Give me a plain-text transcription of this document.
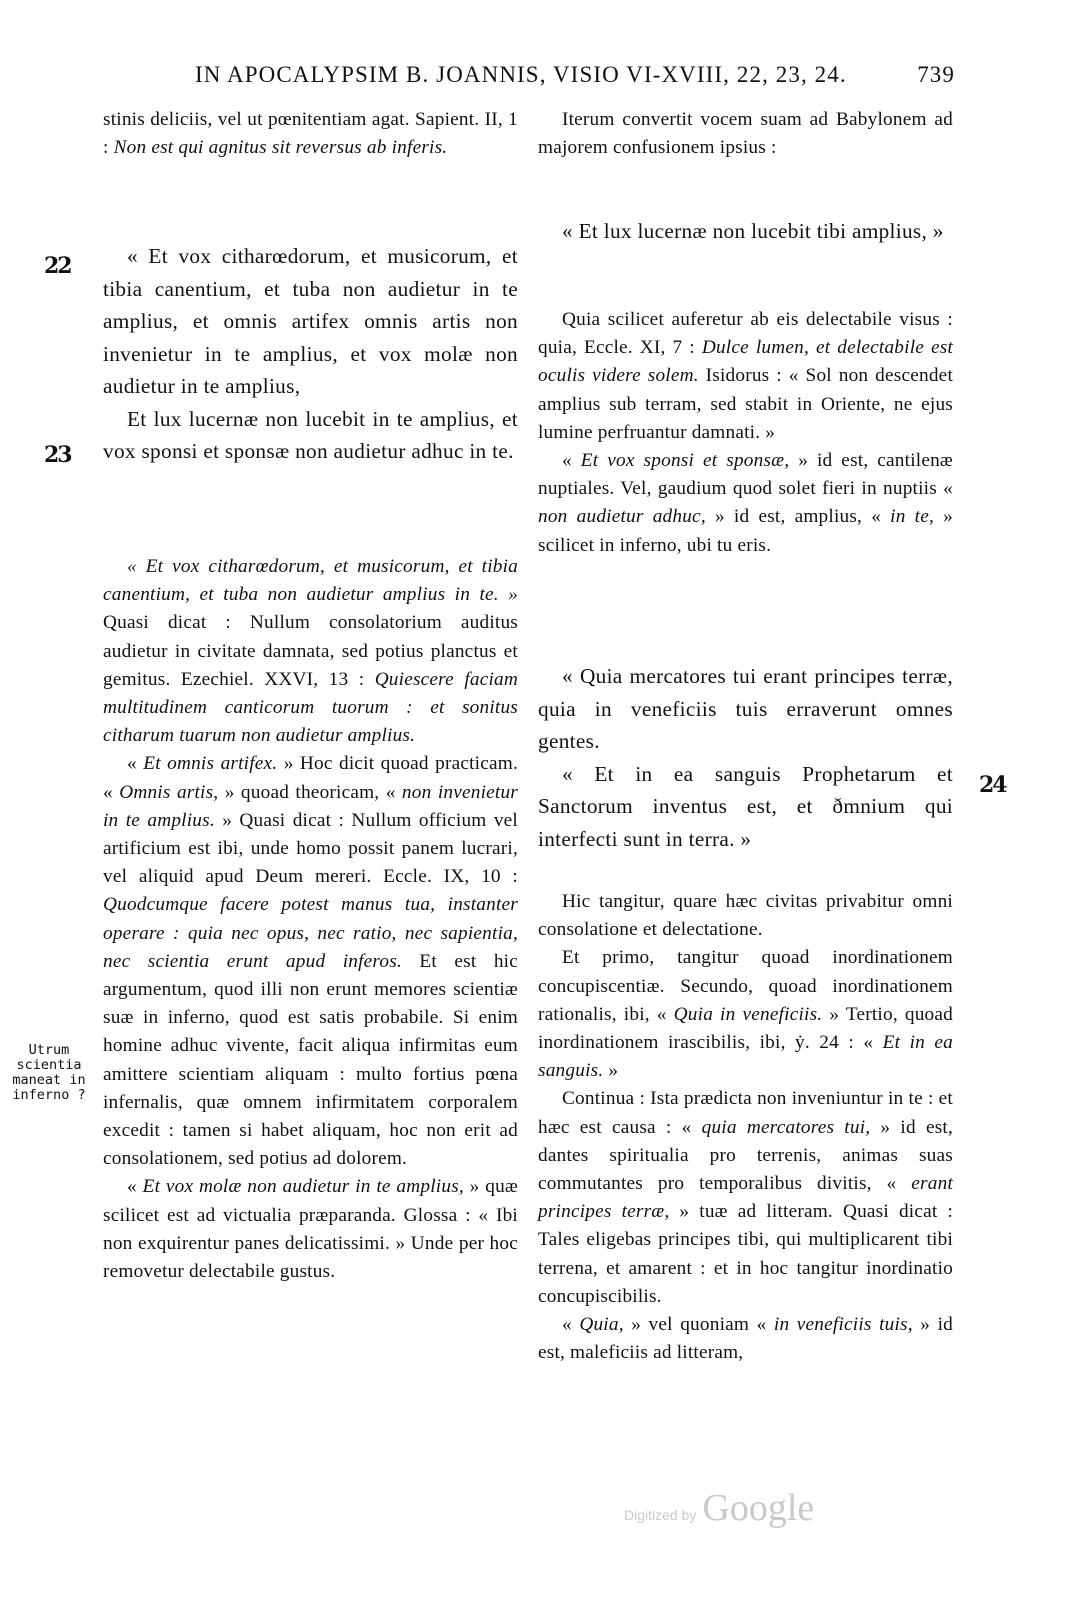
IN APOCALYPSIM B. JOANNIS, VISIO VI-XVIII, 22, 23, 24.	739
22
23
24
Utrum
scientia
maneat in
inferno ?

stinis deliciis, vel ut pœnitentiam agat. Sapient. II, 1 : Non est qui agnitus sit reversus ab inferis.

« Et vox citharœdorum, et musicorum, et tibia canentium, et tuba non audietur in te amplius, et omnis artifex omnis artis non invenietur in te amplius, et vox molæ non audietur in te amplius,

Et lux lucernæ non lucebit in te amplius, et vox sponsi et sponsæ non audietur adhuc in te.

« Et vox citharœdorum, et musicorum, et tibia canentium, et tuba non audietur amplius in te. » Quasi dicat : Nullum consolatorium auditus audietur in civitate damnata, sed potius planctus et gemitus. Ezechiel. XXVI, 13 : Quiescere faciam multitudinem canticorum tuorum : et sonitus citharum tuarum non audietur amplius.

« Et omnis artifex. » Hoc dicit quoad practicam. « Omnis artis, » quoad theoricam, « non invenietur in te amplius. » Quasi dicat : Nullum officium vel artificium est ibi, unde homo possit panem lucrari, vel aliquid apud Deum mereri. Eccle. IX, 10 : Quodcumque facere potest manus tua, instanter operare : quia nec opus, nec ratio, nec sapientia, nec scientia erunt apud inferos. Et est hic argumentum, quod illi non erunt memores scientiæ suæ in inferno, quod est satis probabile. Si enim homine adhuc vivente, facit aliqua infirmitas eum amittere scientiam aliquam : multo fortius pœna infernalis, quæ omnem infirmitatem corporalem excedit : tamen si habet aliquam, hoc non erit ad consolationem, sed potius ad dolorem.

« Et vox molæ non audietur in te amplius, » quæ scilicet est ad victualia præparanda. Glossa : « Ibi non exquirentur panes delicatissimi. » Unde per hoc removetur delectabile gustus.

Iterum convertit vocem suam ad Babylonem ad majorem confusionem ipsius :

« Et lux lucernæ non lucebit tibi amplius, »

Quia scilicet auferetur ab eis delectabile visus : quia, Eccle. XI, 7 : Dulce lumen, et delectabile est oculis videre solem. Isidorus : « Sol non descendet amplius sub terram, sed stabit in Oriente, ne ejus lumine perfruantur damnati. »

« Et vox sponsi et sponsæ, » id est, cantilenæ nuptiales. Vel, gaudium quod solet fieri in nuptiis « non audietur adhuc, » id est, amplius, « in te, » scilicet in inferno, ubi tu eris.

« Quia mercatores tui erant principes terræ, quia in veneficiis tuis erraverunt omnes gentes.

« Et in ea sanguis Prophetarum et Sanctorum inventus est, et ðmnium qui interfecti sunt in terra. »

Hic tangitur, quare hæc civitas privabitur omni consolatione et delectatione.

Et primo, tangitur quoad inordinationem concupiscentiæ. Secundo, quoad inordinationem rationalis, ibi, « Quia in veneficiis. » Tertio, quoad inordinationem irascibilis, ibi, ẏ. 24 : « Et in ea sanguis. »

Continua : Ista prædicta non inveniuntur in te : et hæc est causa : « quia mercatores tui, » id est, dantes spiritualia pro terrenis, animas suas commutantes pro temporalibus divitis, « erant principes terræ, » tuæ ad litteram. Quasi dicat : Tales eligebas principes tibi, qui multiplicarent tibi terrena, et amarent : et in hoc tangitur inordinatio concupiscibilis.

« Quia, » vel quoniam « in veneficiis tuis, » id est, maleficiis ad litteram,

Digitized by Google
